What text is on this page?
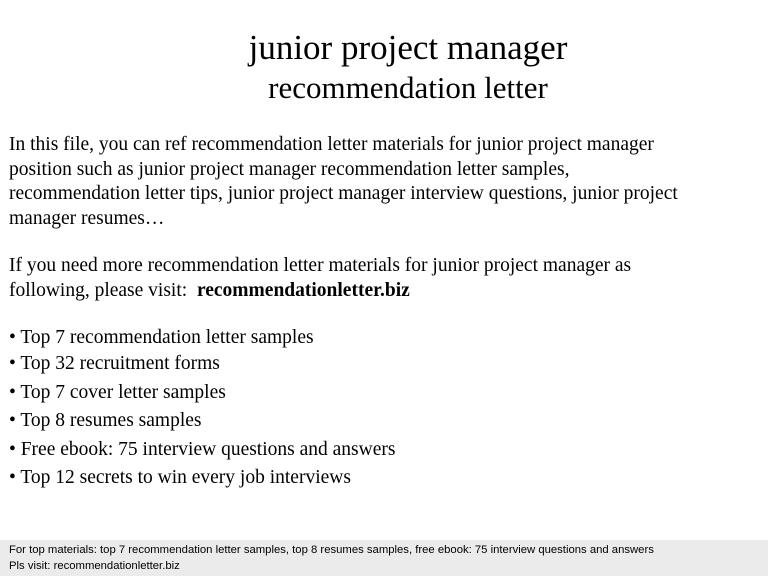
junior project manager
recommendation letter

In this file, you can ref recommendation letter materials for junior project manager

position such as junior project manager recommendation letter samples,

recommendation letter tips, junior project manager interview questions, junior project

manager resumes…

If you need more recommendation letter materials for junior project manager as

following, please visit:  recommendationletter.biz

• Top 7 recommendation letter samples
• Top 32 recruitment forms
• Top 7 cover letter samples
• Top 8 resumes samples
• Free ebook: 75 interview questions and answers
• Top 12 secrets to win every job interviews
For top materials: top 7 recommendation letter samples, top 8 resumes samples, free ebook: 75 interview questions and answers
Pls visit: recommendationletter.biz
